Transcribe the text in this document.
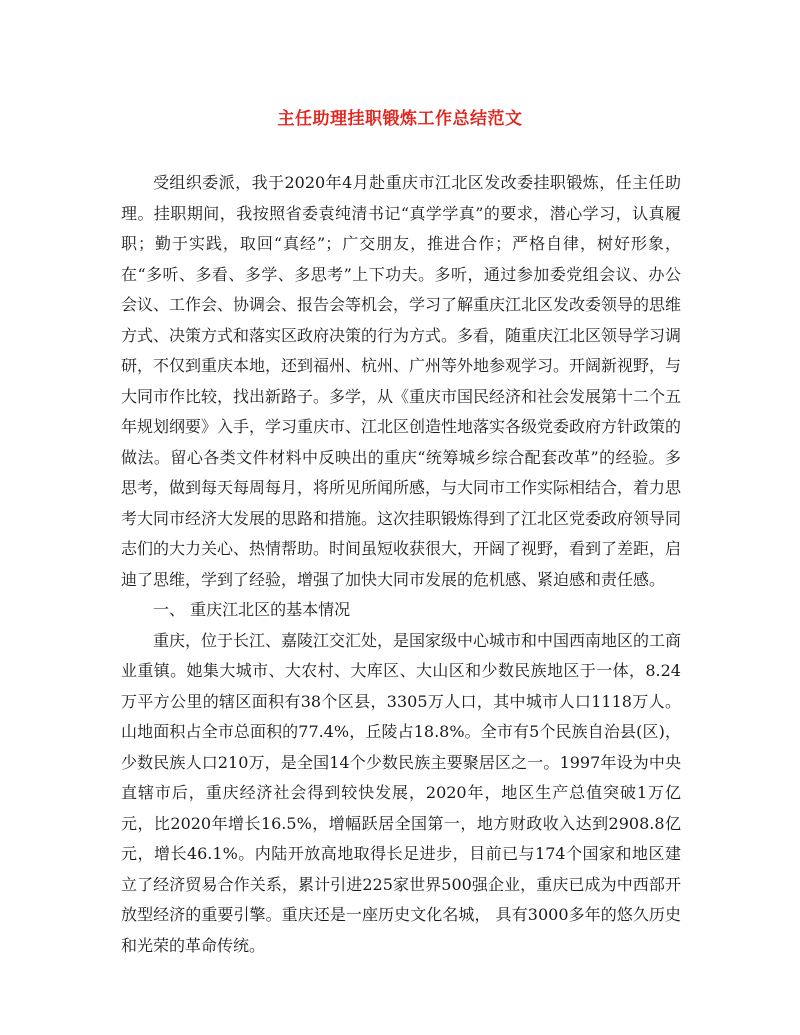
主任助理挂职锻炼工作总结范文

受组织委派，我于2020年4月赴重庆市江北区发改委挂职锻炼，任主任助理。挂职期间，我按照省委袁纯清书记“真学学真”的要求，潜心学习，认真履职；勤于实践，取回“真经”；广交朋友，推进合作；严格自律，树好形象，在“多听、多看、多学、多思考”上下功夫。多听，通过参加委党组会议、办公会议、工作会、协调会、报告会等机会，学习了解重庆江北区发改委领导的思维方式、决策方式和落实区政府决策的行为方式。多看，随重庆江北区领导学习调研，不仅到重庆本地，还到福州、杭州、广州等外地参观学习。开阔新视野，与大同市作比较，找出新路子。多学，从《重庆市国民经济和社会发展第十二个五年规划纲要》入手，学习重庆市、江北区创造性地落实各级党委政府方针政策的做法。留心各类文件材料中反映出的重庆“统筹城乡综合配套改革”的经验。多思考，做到每天每周每月，将所见所闻所感，与大同市工作实际相结合，着力思考大同市经济大发展的思路和措施。这次挂职锻炼得到了江北区党委政府领导同志们的大力关心、热情帮助。时间虽短收获很大，开阔了视野，看到了差距，启迪了思维，学到了经验，增强了加快大同市发展的危机感、紧迫感和责任感。

一、 重庆江北区的基本情况

重庆，位于长江、嘉陵江交汇处，是国家级中心城市和中国西南地区的工商业重镇。她集大城市、大农村、大库区、大山区和少数民族地区于一体，8.24万平方公里的辖区面积有38个区县，3305万人口，其中城市人口1118万人。山地面积占全市总面积的77.4%，丘陵占18.8%。全市有5个民族自治县(区)，少数民族人口210万，是全国14个少数民族主要聚居区之一。1997年设为中央直辖市后，重庆经济社会得到较快发展，2020年，地区生产总值突破1万亿元，比2020年增长16.5%，增幅跃居全国第一，地方财政收入达到2908.8亿元，增长46.1%。内陆开放高地取得长足进步，目前已与174个国家和地区建立了经济贸易合作关系，累计引进225家世界500强企业，重庆已成为中西部开放型经济的重要引擎。重庆还是一座历史文化名城， 具有3000多年的悠久历史和光荣的革命传统。
